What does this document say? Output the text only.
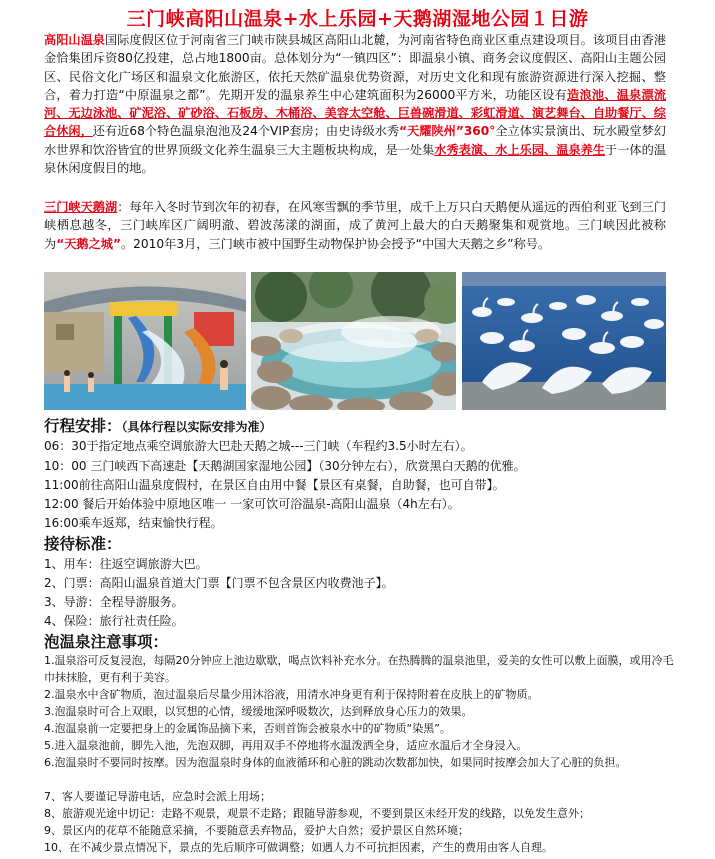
三门峡高阳山温泉+水上乐园+天鹅湖湿地公园１日游
高阳山温泉国际度假区位于河南省三门峡市陕县城区高阳山北麓，为河南省特色商业区重点建设项目。该项目由香港金恰集团斥资80亿投建，总占地1800亩。总体划分为“一镇四区”：即温泉小镇、商务会议度假区、高阳山主题公园区、民俗文化广场区和温泉文化旅游区，依托天然矿温泉优势资源，对历史文化和现有旅游资源进行深入挖掘、整合，着力打造“中原温泉之都”。先期开发的温泉养生中心建筑面积为26000平方米，功能区设有造浪池、温泉漂流河、无边泳池、矿泥浴、矿砂浴、石板房、木桶浴、美容太空舱、巨兽碗滑道、彩虹滑道、演艺舞台、自助餐厅、综合休闲，还有近68个特色温泉泡池及24个VIP套房；由史诗级水秀“天耀陕州”360°全立体实景演出、玩水殿堂梦幻水世界和饮浴皆宜的世界顶级文化养生温泉三大主题板块构成，是一处集水秀表演、水上乐园、温泉养生于一体的温泉休闲度假目的地。
三门峡天鹅湖：每年入冬时节到次年的初春，在风寒雪飘的季节里，成千上万只白天鹅便从遥远的西伯利亚飞到三门峡栖息越冬，三门峡库区广阔明澈、碧波荡漾的湖面，成了黄河上最大的白天鹅聚集和观赏地。三门峡因此被称为“天鹅之城”。2010年3月，三门峡市被中国野生动物保护协会授予“中国大天鹅之乡”称号。
行程安排：（具体行程以实际安排为准）
06：30于指定地点乘空调旅游大巴赴天鹅之城---三门峡（车程约3.5小时左右）。
10：00 三门峡西下高速赴【天鹅湖国家湿地公园】（30分钟左右），欣赏黑白天鹅的优雅。
11:00前往高阳山温泉度假村，在景区自由用中餐【景区有桌餐，自助餐，也可自带】。
12:00 餐后开始体验中原地区唯一 一家可饮可浴温泉-高阳山温泉（4h左右）。
16:00乘车返郑，结束愉快行程。
接待标准：
1、用车：往返空调旅游大巴。
2、门票：高阳山温泉首道大门票【门票不包含景区内收费池子】。
3、导游：全程导游服务。
4、保险：旅行社责任险。
泡温泉注意事项：
1.温泉浴可反复浸泡，每隔20分钟应上池边歇歇，喝点饮料补充水分。在热腾腾的温泉池里，爱美的女性可以敷上面膜，或用冷毛巾抹抹脸，更有利于美容。
2.温泉水中含矿物质，泡过温泉后尽量少用沐浴液，用清水冲身更有利于保持附着在皮肤上的矿物质。
3.泡温泉时可合上双眼，以冥想的心情，缓缓地深呼吸数次，达到释放身心压力的效果。
4.泡温泉前一定要把身上的金属饰品摘下来，否则首饰会被泉水中的矿物质“染黑”。
5.进入温泉池前，脚先入池，先泡双脚，再用双手不停地将水温泼洒全身，适应水温后才全身浸入。
6.泡温泉时不要同时按摩。因为泡温泉时身体的血液循环和心脏的跳动次数都加快，如果同时按摩会加大了心脏的负担。
7、客人要谨记导游电话，应急时会派上用场；
8、旅游观光途中切记：走路不观景，观景不走路；跟随导游参观，不要到景区未经开发的线路，以免发生意外；
9、景区内的花草不能随意采摘，不要随意丢弃物品，爱护大自然；爱护景区自然环境；
10、在不减少景点情况下，景点的先后顺序可做调整；如遇人力不可抗拒因素，产生的费用由客人自理。
